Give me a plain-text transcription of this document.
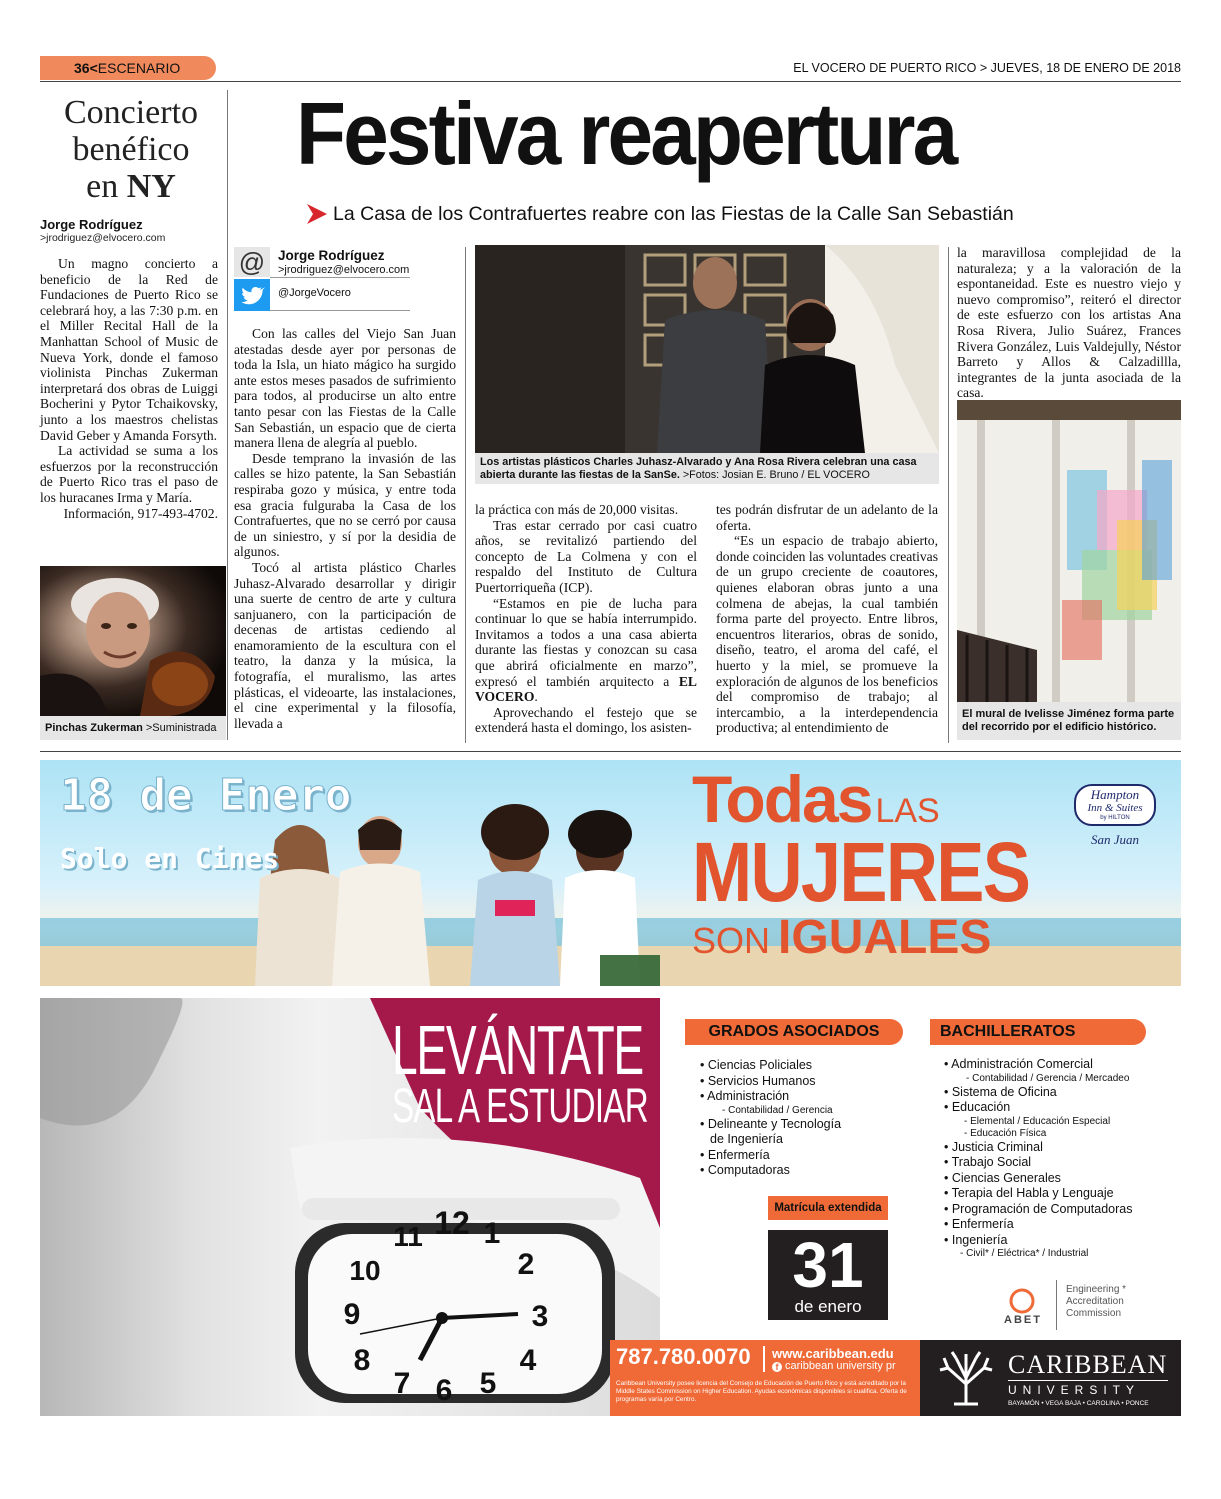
36<ESCENARIO	EL VOCERO DE PUERTO RICO > JUEVES, 18 DE ENERO DE 2018
Concierto
benéfico
en NY
Jorge Rodríguez
>jrodriguez@elvocero.com

Un magno concierto a beneficio de la Red de Fundaciones de Puerto Rico se celebrará hoy, a las 7:30 p.m. en el Miller Recital Hall de la Manhattan School of Music de Nueva York, donde el famoso violinista Pinchas Zukerman interpretará dos obras de Luiggi Bocherini y Pytor Tchaikovsky, junto a los maestros chelistas David Geber y Amanda Forsyth.

La actividad se suma a los esfuerzos por la reconstrucción de Puerto Rico tras el paso de los huracanes Irma y María.

Información, 917-493-4702.

Pinchas Zukerman >Suministrada
Festiva reapertura
La Casa de los Contrafuertes reabre con las Fiestas de la Calle San Sebastián
@ Jorge Rodríguez
>jrodriguez@elvocero.com
@JorgeVocero

Con las calles del Viejo San Juan atestadas desde ayer por personas de toda la Isla, un hiato mágico ha surgido ante estos meses pasados de sufrimiento para todos, al producirse un alto entre tanto pesar con las Fiestas de la Calle San Sebastián, un espacio que de cierta manera llena de alegría al pueblo.

Desde temprano la invasión de las calles se hizo patente, la San Sebastián respiraba gozo y música, y entre toda esa gracia fulguraba la Casa de los Contrafuertes, que no se cerró por causa de un siniestro, y sí por la desidia de algunos.

Tocó al artista plástico Charles Juhasz-Alvarado desarrollar y dirigir una suerte de centro de arte y cultura sanjuanero, con la participación de decenas de artistas cediendo al enamoramiento de la escultura con el teatro, la danza y la música, la fotografía, el muralismo, las artes plásticas, el videoarte, las instalaciones, el cine experimental y la filosofía, llevada a

Los artistas plásticos Charles Juhasz-Alvarado y Ana Rosa Rivera celebran una casa abierta durante las fiestas de la SanSe. >Fotos: Josian E. Bruno / EL VOCERO

la práctica con más de 20,000 visitas.

Tras estar cerrado por casi cuatro años, se revitalizó partiendo del concepto de La Colmena y con el respaldo del Instituto de Cultura Puertorriqueña (ICP).

“Estamos en pie de lucha para continuar lo que se había interrumpido. Invitamos a todos a una casa abierta durante las fiestas y conozcan su casa que abrirá oficialmente en marzo”, expresó el también arquitecto a EL VOCERO.

Aprovechando el festejo que se extenderá hasta el domingo, los asisten-

tes podrán disfrutar de un adelanto de la oferta.

“Es un espacio de trabajo abierto, donde coinciden las voluntades creativas de un grupo creciente de coautores, quienes elaboran obras junto a una colmena de abejas, la cual también forma parte del proyecto. Entre libros, encuentros literarios, obras de sonido, diseño, teatro, el aroma del café, el huerto y la miel, se promueve la exploración de algunos de los beneficios del compromiso de trabajo; al intercambio, a la interdependencia productiva; al entendimiento de

la maravillosa complejidad de la naturaleza; y a la valoración de la espontaneidad. Este es nuestro viejo y nuevo compromiso”, reiteró el director de este esfuerzo con los artistas Ana Rosa Rivera, Julio Suárez, Frances Rivera González, Luis Valdejully, Néstor Barreto y Allos & Calzadillla, integrantes de la junta asociada de la casa.

El mural de Ivelisse Jiménez forma parte del recorrido por el edificio histórico.
18 de Enero
Solo en Cines
Todas LAS
MUJERES
SON IGUALES
Hampton
Inn & Suites
by HILTON
San Juan
12 1
2
3
4
5
6
7
8
9
10
11
LEVÁNTATE
SAL A ESTUDIAR
GRADOS ASOCIADOS
• Ciencias Policiales
• Servicios Humanos
• Administración
- Contabilidad / Gerencia
• Delineante y Tecnología
de Ingeniería
• Enfermería
• Computadoras
BACHILLERATOS
• Administración Comercial
- Contabilidad / Gerencia / Mercadeo
• Sistema de Oficina
• Educación
- Elemental / Educación Especial
- Educación Física
• Justicia Criminal
• Trabajo Social
• Ciencias Generales
• Terapia del Habla y Lenguaje
• Programación de Computadoras
• Enfermería
• Ingeniería
- Civil* / Eléctrica* / Industrial
Matrícula extendida
31
de enero
ABET
Engineering *
Accreditation
Commission
787.780.0070 www.caribbean.edu
f caribbean university pr
Caribbean University posee licencia del Consejo de Educación de Puerto Rico y está acreditado por la Middle States Commission on Higher Education. Ayudas económicas disponibles si cualifica. Oferta de programas varía por Centro.
CARIBBEAN
UNIVERSITY
BAYAMÓN • VEGA BAJA • CAROLINA • PONCE
